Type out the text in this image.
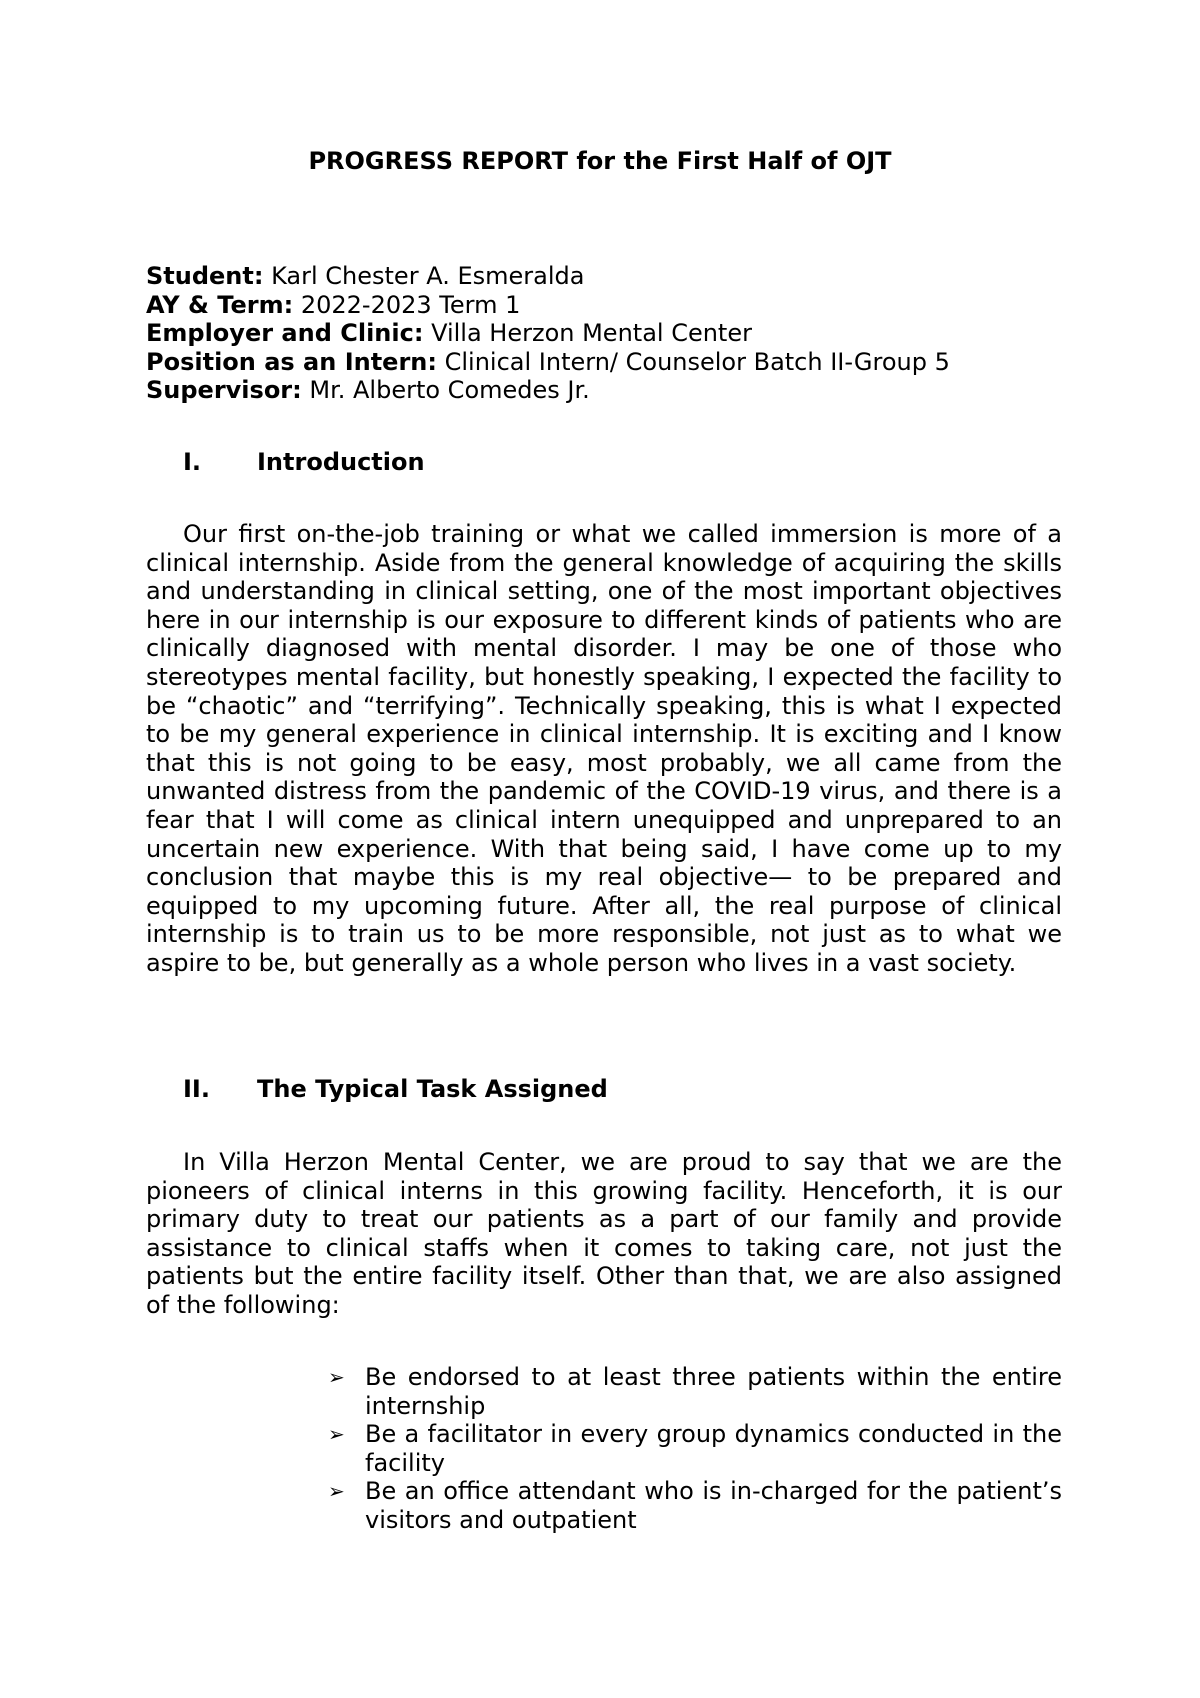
PROGRESS REPORT for the First Half of OJT
Student: Karl Chester A. Esmeralda
AY & Term: 2022-2023 Term 1
Employer and Clinic: Villa Herzon Mental Center
Position as an Intern: Clinical Intern/ Counselor Batch II-Group 5
Supervisor: Mr. Alberto Comedes Jr.
I. Introduction

Our first on-the-job training or what we called immersion is more of a clinical internship. Aside from the general knowledge of acquiring the skills and understanding in clinical setting, one of the most important objectives here in our internship is our exposure to different kinds of patients who are clinically diagnosed with mental disorder. I may be one of those who stereotypes mental facility, but honestly speaking, I expected the facility to be “chaotic” and “terrifying”. Technically speaking, this is what I expected to be my general experience in clinical internship. It is exciting and I know that this is not going to be easy, most probably, we all came from the unwanted distress from the pandemic of the COVID-19 virus, and there is a fear that I will come as clinical intern unequipped and unprepared to an uncertain new experience. With that being said, I have come up to my conclusion that maybe this is my real objective— to be prepared and equipped to my upcoming future. After all, the real purpose of clinical internship is to train us to be more responsible, not just as to what we aspire to be, but generally as a whole person who lives in a vast society.

II. The Typical Task Assigned

In Villa Herzon Mental Center, we are proud to say that we are the pioneers of clinical interns in this growing facility. Henceforth, it is our primary duty to treat our patients as a part of our family and provide assistance to clinical staffs when it comes to taking care, not just the patients but the entire facility itself. Other than that, we are also assigned of the following:

➢ Be endorsed to at least three patients within the entire internship
➢ Be a facilitator in every group dynamics conducted in the facility
➢ Be an office attendant who is in-charged for the patient’s visitors and outpatient
